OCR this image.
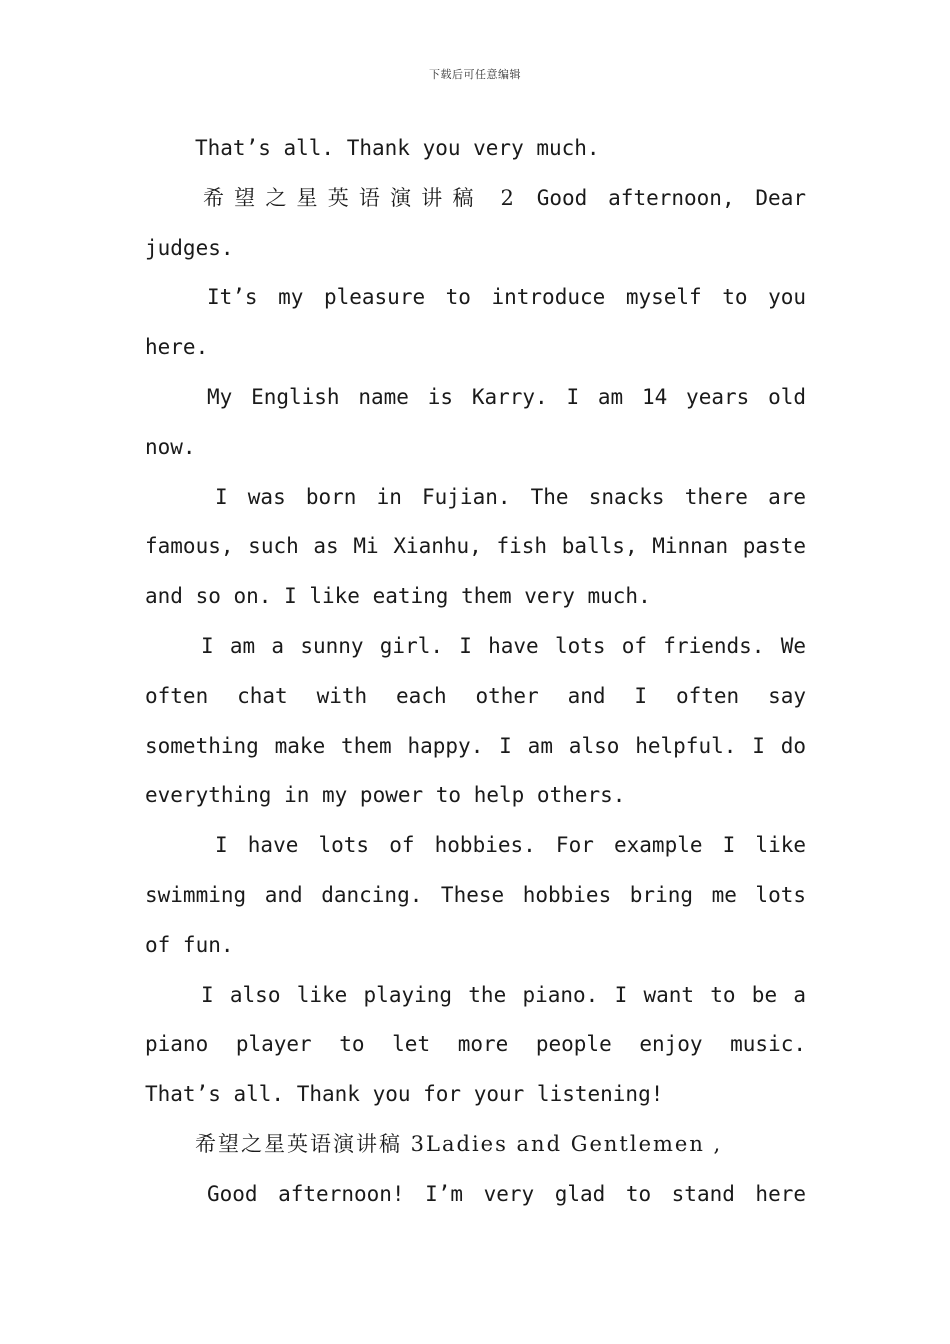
下载后可任意编辑
That’s all. Thank you very much.
希望之星英语演讲稿 2 Good afternoon, Dear
judges.
It’s my pleasure to introduce myself to you
here.
My English name is Karry. I am 14 years old
now.
I was born in Fujian. The snacks there are
famous, such as Mi Xianhu, fish balls, Minnan paste
and so on. I like eating them very much.
I am a sunny girl. I have lots of friends. We
often chat with each other and I often say
something make them happy. I am also helpful. I do
everything in my power to help others.
I have lots of hobbies. For example I like
swimming and dancing. These hobbies bring me lots
of fun.
I also like playing the piano. I want to be a
piano player to let more people enjoy music.
That’s all. Thank you for your listening!
希望之星英语演讲稿 3Ladies and Gentlemen ,
Good afternoon! I’m very glad to stand here
